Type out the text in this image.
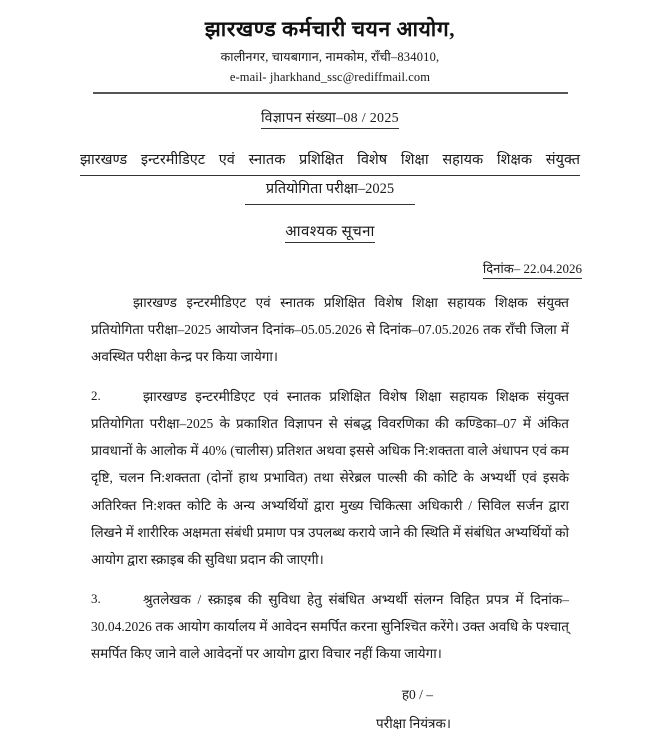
झारखण्ड कर्मचारी चयन आयोग,
कालीनगर, चायबागान, नामकोम, राँची–834010,
e-mail- jharkhand_ssc@rediffmail.com
विज्ञापन संख्या–08 / 2025
झारखण्ड इन्टरमीडिएट एवं स्नातक प्रशिक्षित विशेष शिक्षा सहायक शिक्षक संयुक्त
प्रतियोगिता परीक्षा–2025
आवश्यक सूचना
दिनांक– 22.04.2026
झारखण्ड इन्टरमीडिएट एवं स्नातक प्रशिक्षित विशेष शिक्षा सहायक शिक्षक संयुक्त प्रतियोगिता परीक्षा–2025 आयोजन दिनांक–05.05.2026 से दिनांक–07.05.2026 तक राँची जिला में अवस्थित परीक्षा केन्द्र पर किया जायेगा।
2.	झारखण्ड इन्टरमीडिएट एवं स्नातक प्रशिक्षित विशेष शिक्षा सहायक शिक्षक संयुक्त प्रतियोगिता परीक्षा–2025 के प्रकाशित विज्ञापन से संबद्ध विवरणिका की कण्डिका–07 में अंकित प्रावधानों के आलोक में 40% (चालीस) प्रतिशत अथवा इससे अधिक नि:शक्तता वाले अंधापन एवं कम दृष्टि, चलन नि:शक्तता (दोनों हाथ प्रभावित) तथा सेरेब्रल पाल्सी की कोटि के अभ्यर्थी एवं इसके अतिरिक्त नि:शक्त कोटि के अन्य अभ्यर्थियों द्वारा मुख्य चिकित्सा अधिकारी / सिविल सर्जन द्वारा लिखने में शारीरिक अक्षमता संबंधी प्रमाण पत्र उपलब्ध कराये जाने की स्थिति में संबंधित अभ्यर्थियों को आयोग द्वारा स्क्राइब की सुविधा प्रदान की जाएगी।
3.	श्रुतलेखक / स्क्राइब की सुविधा हेतु संबंधित अभ्यर्थी संलग्न विहित प्रपत्र में दिनांक–30.04.2026 तक आयोग कार्यालय में आवेदन समर्पित करना सुनिश्चित करेंगे। उक्त अवधि के पश्चात् समर्पित किए जाने वाले आवेदनों पर आयोग द्वारा विचार नहीं किया जायेगा।
ह0 / –
परीक्षा नियंत्रक।
